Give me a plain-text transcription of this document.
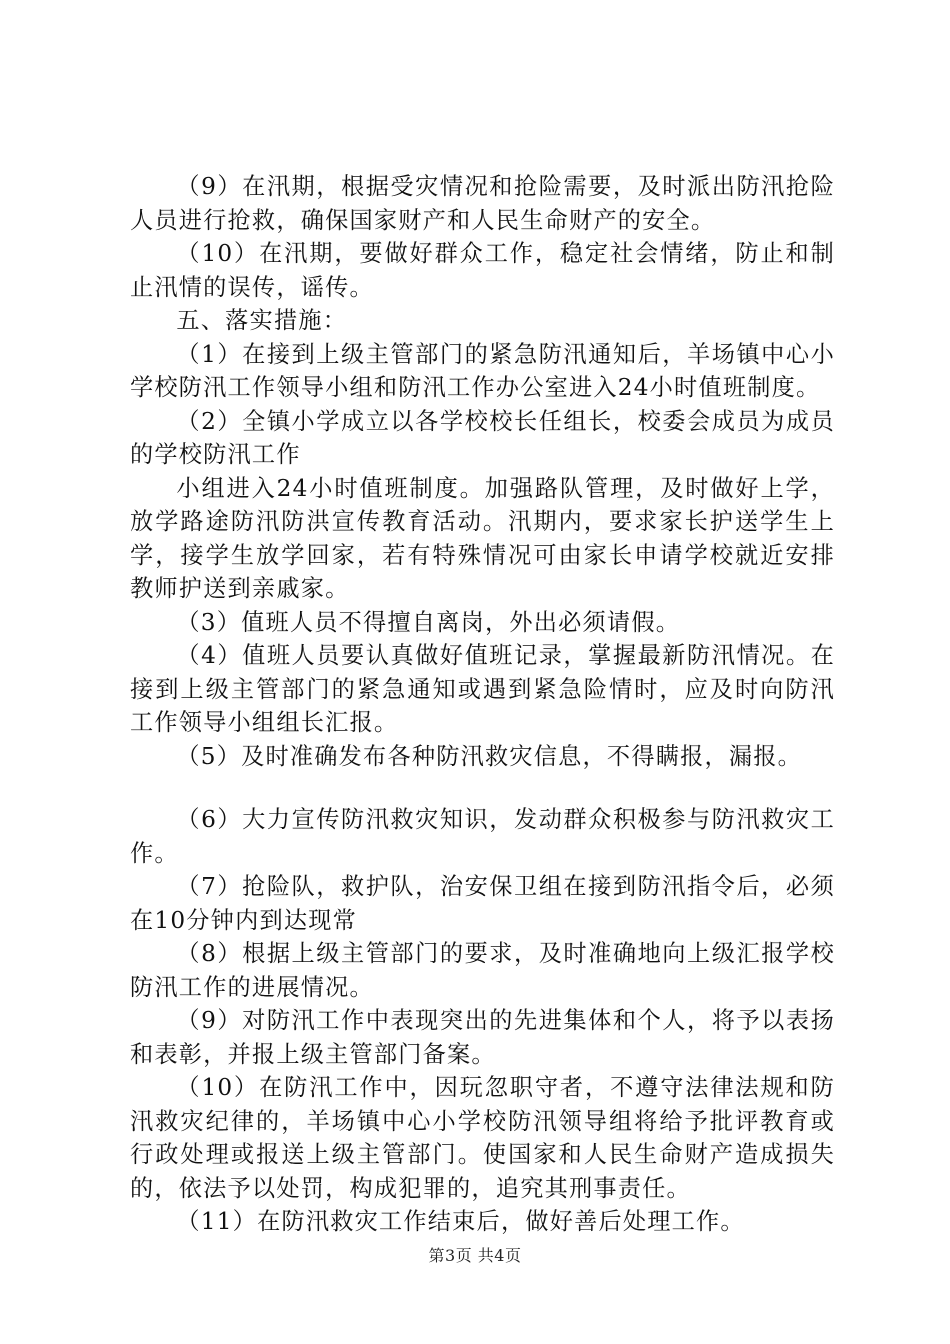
（9）在汛期，根据受灾情况和抢险需要，及时派出防汛抢险人员进行抢救，确保国家财产和人民生命财产的安全。

（10）在汛期，要做好群众工作，稳定社会情绪，防止和制止汛情的误传，谣传。

五、落实措施：

（1）在接到上级主管部门的紧急防汛通知后，羊场镇中心小学校防汛工作领导小组和防汛工作办公室进入24小时值班制度。

（2）全镇小学成立以各学校校长任组长，校委会成员为成员的学校防汛工作

小组进入24小时值班制度。加强路队管理，及时做好上学，放学路途防汛防洪宣传教育活动。汛期内，要求家长护送学生上学，接学生放学回家，若有特殊情况可由家长申请学校就近安排教师护送到亲戚家。

（3）值班人员不得擅自离岗，外出必须请假。

（4）值班人员要认真做好值班记录，掌握最新防汛情况。在接到上级主管部门的紧急通知或遇到紧急险情时，应及时向防汛工作领导小组组长汇报。

（5）及时准确发布各种防汛救灾信息，不得瞒报，漏报。

（6）大力宣传防汛救灾知识，发动群众积极参与防汛救灾工作。

（7）抢险队，救护队，治安保卫组在接到防汛指令后，必须在10分钟内到达现常

（8）根据上级主管部门的要求，及时准确地向上级汇报学校防汛工作的进展情况。

（9）对防汛工作中表现突出的先进集体和个人，将予以表扬和表彰，并报上级主管部门备案。

（10）在防汛工作中，因玩忽职守者，不遵守法律法规和防汛救灾纪律的，羊场镇中心小学校防汛领导组将给予批评教育或行政处理或报送上级主管部门。使国家和人民生命财产造成损失的，依法予以处罚，构成犯罪的，追究其刑事责任。

（11）在防汛救灾工作结束后，做好善后处理工作。

第3页 共4页
